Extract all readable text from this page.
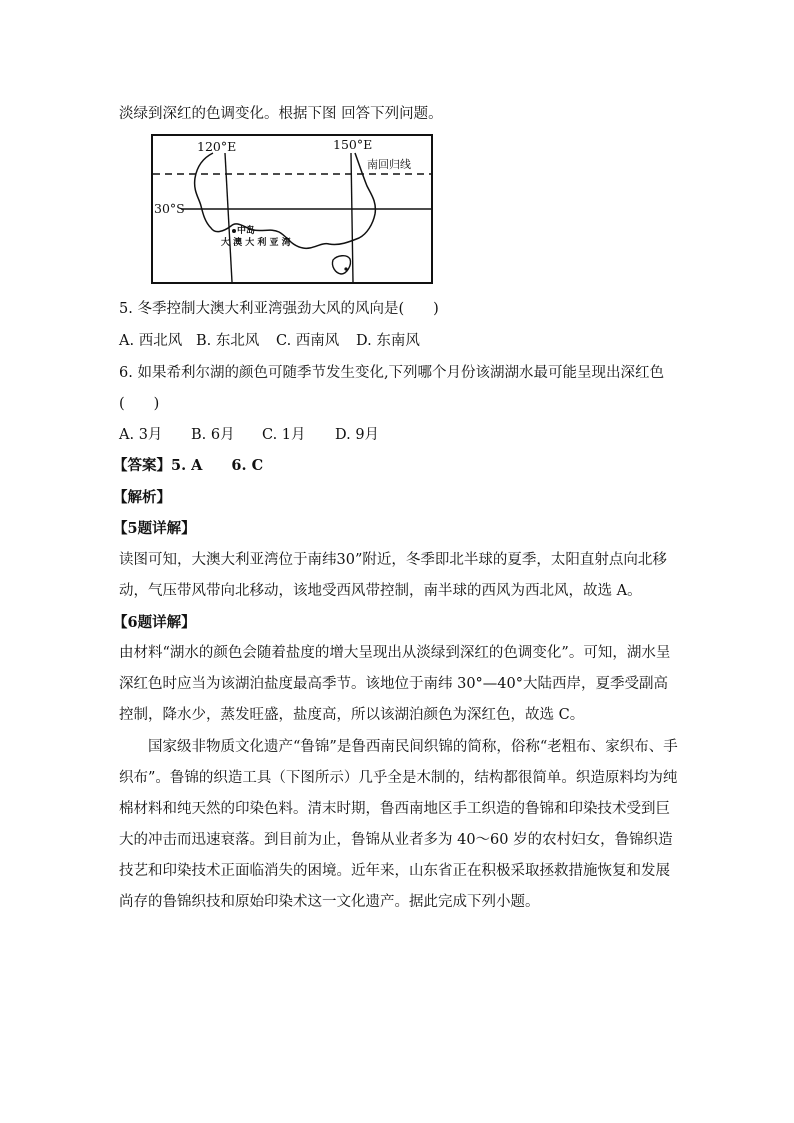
淡绿到深红的色调变化。根据下图 回答下列问题。
120°E	150°E
30°S
南回归线
中岛
大 澳 大 利 亚 湾
5. 冬季控制大澳大利亚湾强劲大风的风向是(　　)
A. 西北风 B. 东北风 C. 西南风 D. 东南风
6. 如果希利尔湖的颜色可随季节发生变化,下列哪个月份该湖湖水最可能呈现出深红色
(　　)
A. 3月 B. 6月 C. 1月 D. 9月
【答案】5. A　　6. C
【解析】
【5题详解】
读图可知，大澳大利亚湾位于南纬30”附近，冬季即北半球的夏季，太阳直射点向北移动，气压带风带向北移动，该地受西风带控制，南半球的西风为西北风，故选 A。
【6题详解】
由材料“湖水的颜色会随着盐度的增大呈现出从淡绿到深红的色调变化”。可知，湖水呈深红色时应当为该湖泊盐度最高季节。该地位于南纬 30°—40°大陆西岸，夏季受副高控制，降水少，蒸发旺盛，盐度高，所以该湖泊颜色为深红色，故选 C。
国家级非物质文化遗产“鲁锦”是鲁西南民间织锦的简称，俗称“老粗布、家织布、手织布”。鲁锦的织造工具（下图所示）几乎全是木制的，结构都很简单。织造原料均为纯棉材料和纯天然的印染色料。清末时期，鲁西南地区手工织造的鲁锦和印染技术受到巨大的冲击而迅速衰落。到目前为止，鲁锦从业者多为 40～60 岁的农村妇女，鲁锦织造技艺和印染技术正面临消失的困境。近年来，山东省正在积极采取拯救措施恢复和发展尚存的鲁锦织技和原始印染术这一文化遗产。据此完成下列小题。
